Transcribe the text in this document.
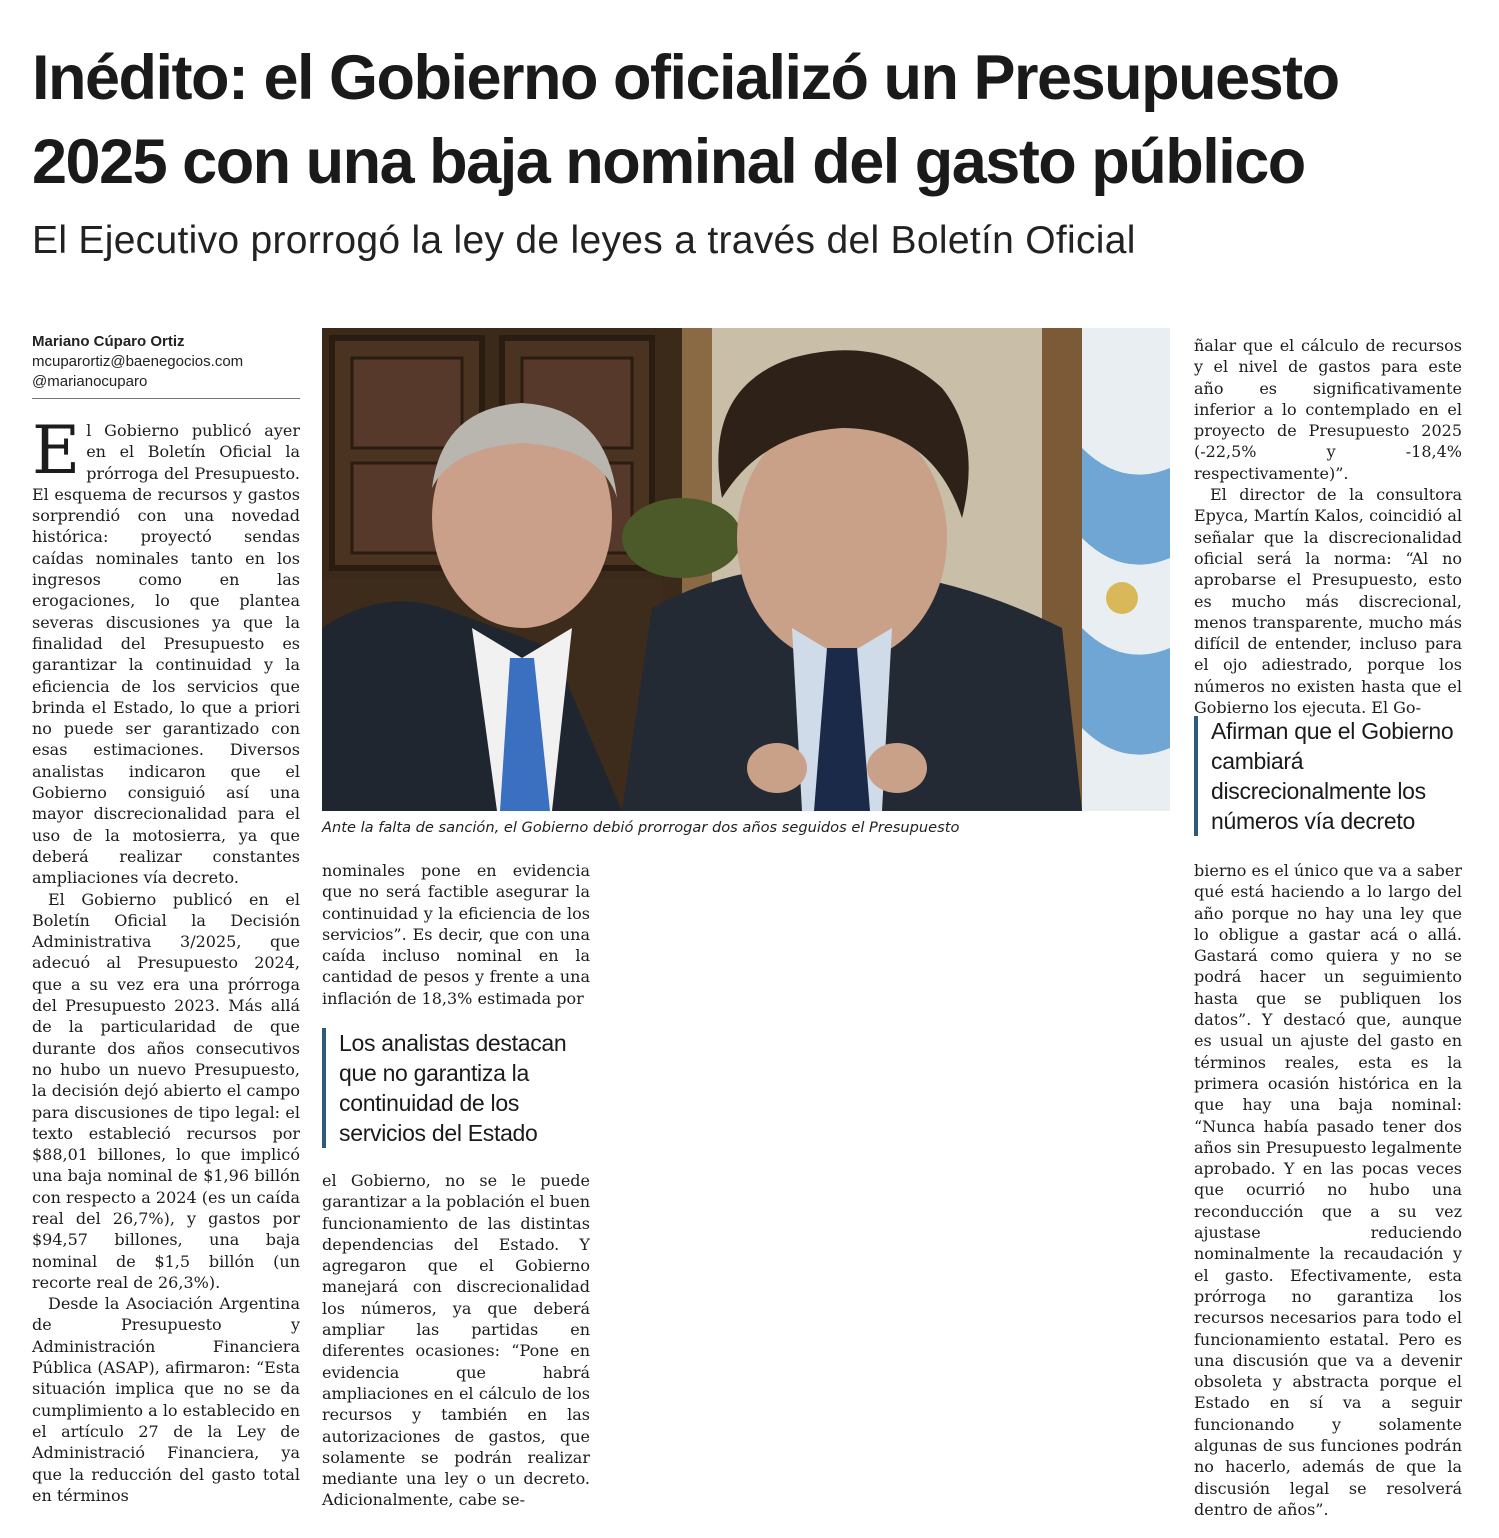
Inédito: el Gobierno oficializó un Presupuesto 2025 con una baja nominal del gasto público
El Ejecutivo prorrogó la ley de leyes a través del Boletín Oficial
Mariano Cúparo Ortiz
mcuparortiz@baenegocios.com
@marianocuparo

El Gobierno publicó ayer en el Boletín Oficial la prórroga del Presupuesto. El esquema de recursos y gastos sorprendió con una novedad histórica: proyectó sendas caídas nominales tanto en los ingresos como en las erogaciones, lo que plantea severas discusiones ya que la finalidad del Presupuesto es garantizar la continuidad y la eficiencia de los servicios que brinda el Estado, lo que a priori no puede ser garantizado con esas estimaciones. Diversos analistas indicaron que el Gobierno consiguió así una mayor discrecionalidad para el uso de la motosierra, ya que deberá realizar constantes ampliaciones vía decreto.

El Gobierno publicó en el Boletín Oficial la Decisión Administrativa 3/2025, que adecuó al Presupuesto 2024, que a su vez era una prórroga del Presupuesto 2023. Más allá de la particularidad de que durante dos años consecutivos no hubo un nuevo Presupuesto, la decisión dejó abierto el campo para discusiones de tipo legal: el texto estableció recursos por $88,01 billones, lo que implicó una baja nominal de $1,96 billón con respecto a 2024 (es un caída real del 26,7%), y gastos por $94,57 billones, una baja nominal de $1,5 billón (un recorte real de 26,3%).

Desde la Asociación Argentina de Presupuesto y Administración Financiera Pública (ASAP), afirmaron: “Esta situación implica que no se da cumplimiento a lo establecido en el artículo 27 de la Ley de Administració Financiera, ya que la reducción del gasto total en términos

Ante la falta de sanción, el Gobierno debió prorrogar dos años seguidos el Presupuesto

nominales pone en evidencia que no será factible asegurar la continuidad y la eficiencia de los servicios”. Es decir, que con una caída incluso nominal en la cantidad de pesos y frente a una inflación de 18,3% estimada por

Los analistas destacan que no garantiza la continuidad de los servicios del Estado

el Gobierno, no se le puede garantizar a la población el buen funcionamiento de las distintas dependencias del Estado. Y agregaron que el Gobierno manejará con discrecionalidad los números, ya que deberá ampliar las partidas en diferentes ocasiones: “Pone en evidencia que habrá ampliaciones en el cálculo de los recursos y también en las autorizaciones de gastos, que solamente se podrán realizar mediante una ley o un decreto. Adicionalmente, cabe se-

ñalar que el cálculo de recursos y el nivel de gastos para este año es significativamente inferior a lo contemplado en el proyecto de Presupuesto 2025 (-22,5% y -18,4% respectivamente)”.

El director de la consultora Epyca, Martín Kalos, coincidió al señalar que la discrecionalidad oficial será la norma: “Al no aprobarse el Presupuesto, esto es mucho más discrecional, menos transparente, mucho más difícil de entender, incluso para el ojo adiestrado, porque los números no existen hasta que el Gobierno los ejecuta. El Go-

Afirman que el Gobierno cambiará discrecionalmente los números vía decreto

bierno es el único que va a saber qué está haciendo a lo largo del año porque no hay una ley que lo obligue a gastar acá o allá. Gastará como quiera y no se podrá hacer un seguimiento hasta que se publiquen los datos”. Y destacó que, aunque es usual un ajuste del gasto en términos reales, esta es la primera ocasión histórica en la que hay una baja nominal: “Nunca había pasado tener dos años sin Presupuesto legalmente aprobado. Y en las pocas veces que ocurrió no hubo una reconducción que a su vez ajustase reduciendo nominalmente la recaudación y el gasto. Efectivamente, esta prórroga no garantiza los recursos necesarios para todo el funcionamiento estatal. Pero es una discusión que va a devenir obsoleta y abstracta porque el Estado en sí va a seguir funcionando y solamente algunas de sus funciones podrán no hacerlo, además de que la discusión legal se resolverá dentro de años”.
